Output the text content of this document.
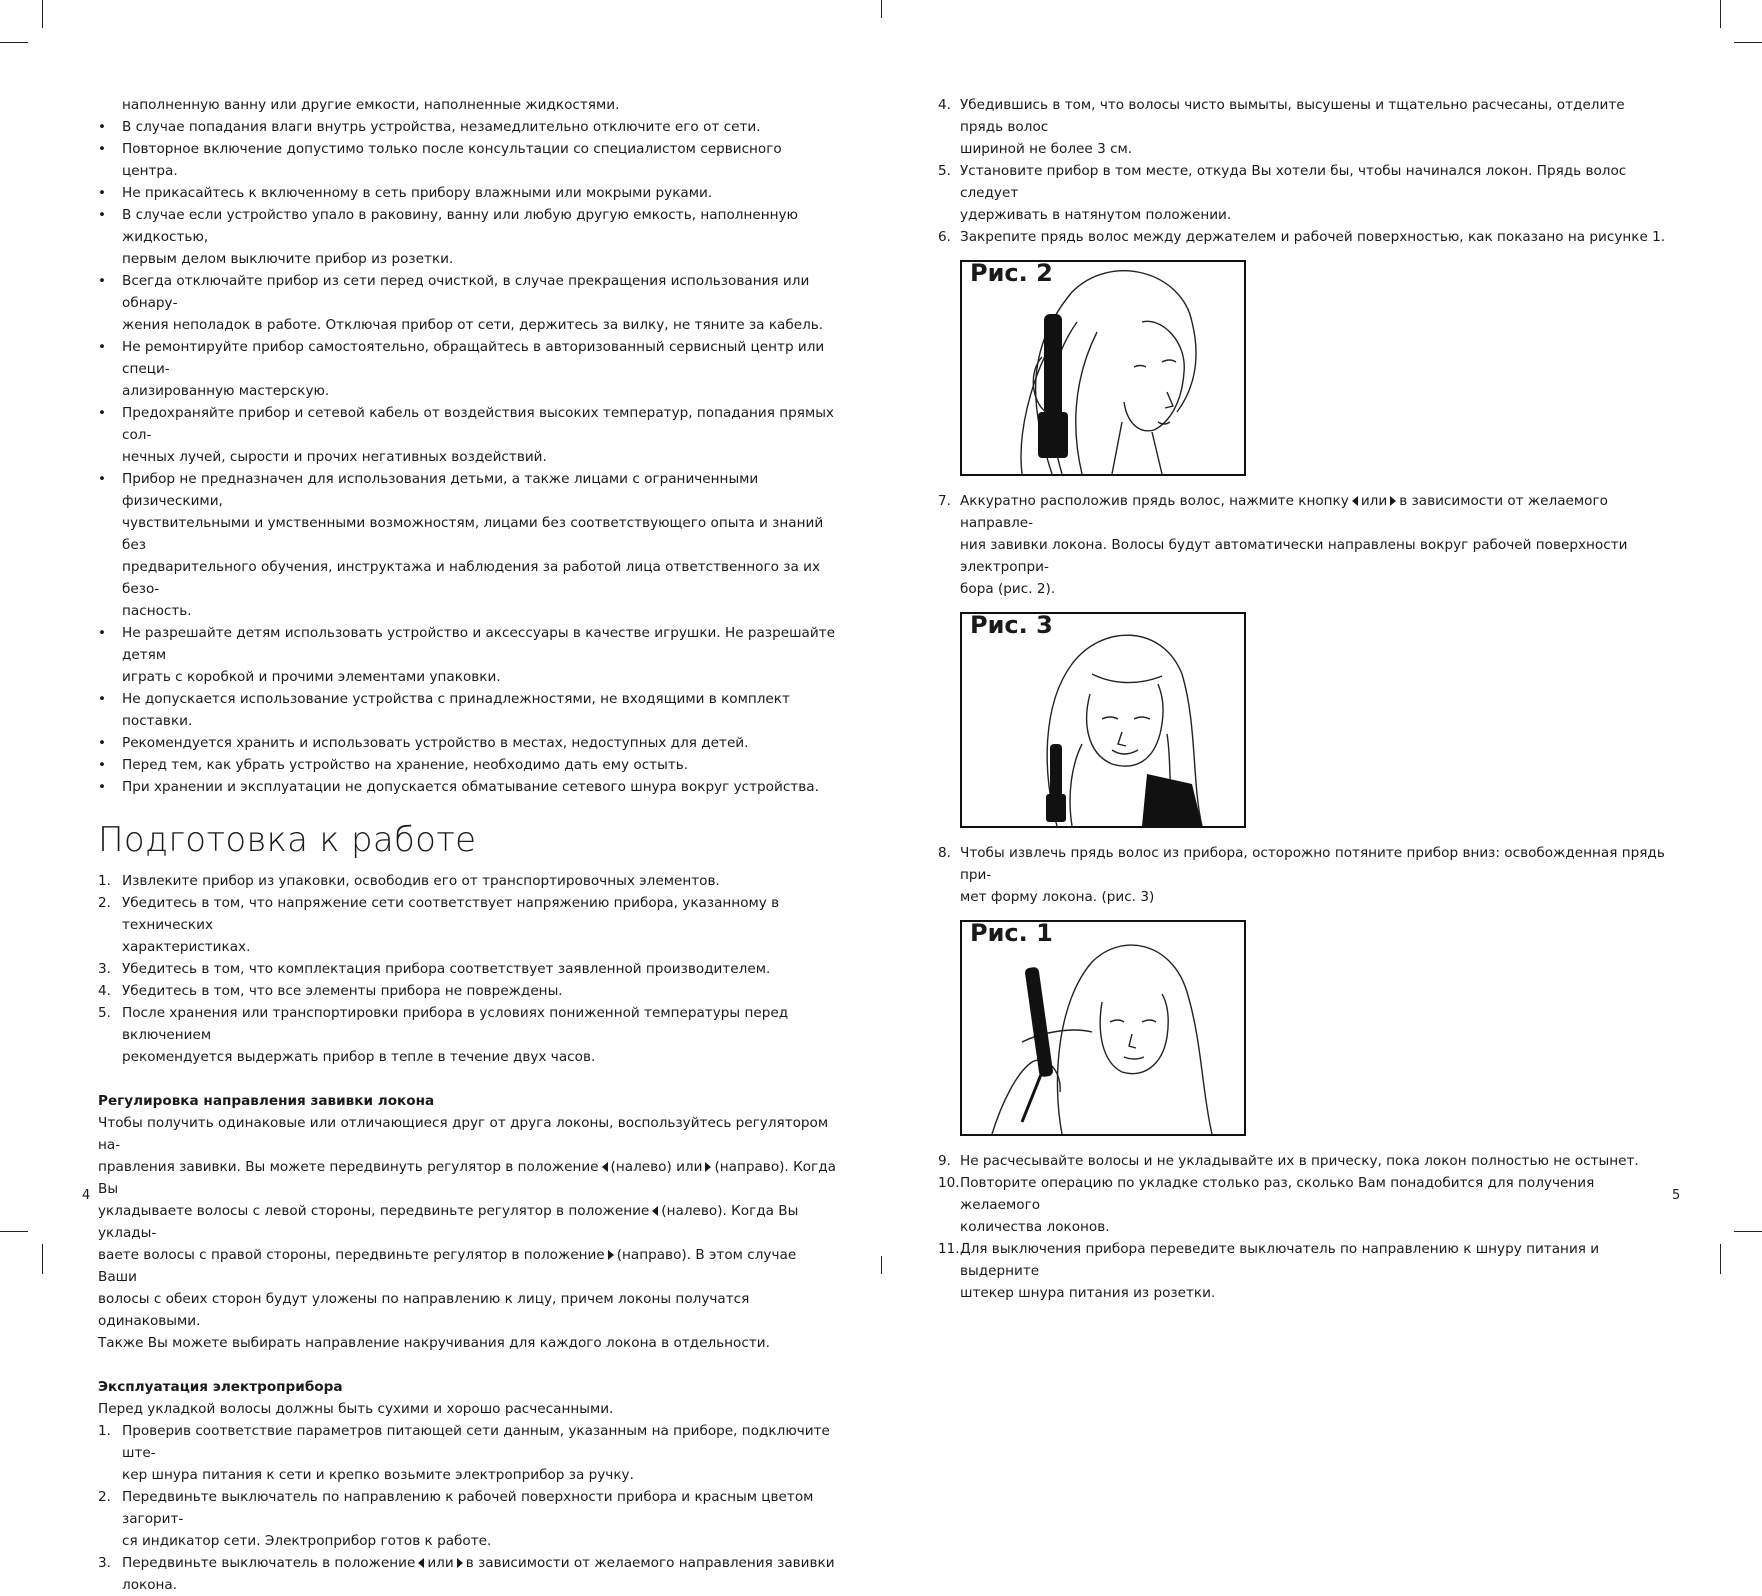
наполненную ванну или другие емкости, наполненные жидкостями.
• В случае попадания влаги внутрь устройства, незамедлительно отключите его от сети.
• Повторное включение допустимо только после консультации со специалистом сервисного центра.
• Не прикасайтесь к включенному в сеть прибору влажными или мокрыми руками.
• В случае если устройство упало в раковину, ванну или любую другую емкость, наполненную жидкостью,
первым делом выключите прибор из розетки.
• Всегда отключайте прибор из сети перед очисткой, в случае прекращения использования или обнару-
жения неполадок в работе. Отключая прибор от сети, держитесь за вилку, не тяните за кабель.
• Не ремонтируйте прибор самостоятельно, обращайтесь в авторизованный сервисный центр или специ-
ализированную мастерскую.
• Предохраняйте прибор и сетевой кабель от воздействия высоких температур, попадания прямых сол-
нечных лучей, сырости и прочих негативных воздействий.
• Прибор не предназначен для использования детьми, а также лицами с ограниченными физическими,
чувствительными и умственными возможностям, лицами без соответствующего опыта и знаний без
предварительного обучения, инструктажа и наблюдения за работой лица ответственного за их безо-
пасность.
• Не разрешайте детям использовать устройство и аксессуары в качестве игрушки. Не разрешайте детям
играть с коробкой и прочими элементами упаковки.
• Не допускается использование устройства с принадлежностями, не входящими в комплект поставки.
• Рекомендуется хранить и использовать устройство в местах, недоступных для детей.
• Перед тем, как убрать устройство на хранение, необходимо дать ему остыть.
• При хранении и эксплуатации не допускается обматывание сетевого шнура вокруг устройства.
Подготовка к работе
1. Извлеките прибор из упаковки, освободив его от транспортировочных элементов.
2. Убедитесь в том, что напряжение сети соответствует напряжению прибора, указанному в технических
характеристиках.
3. Убедитесь в том, что комплектация прибора соответствует заявленной производителем.
4. Убедитесь в том, что все элементы прибора не повреждены.
5. После хранения или транспортировки прибора в условиях пониженной температуры перед включением
рекомендуется выдержать прибор в тепле в течение двух часов.
Регулировка направления завивки локона
Чтобы получить одинаковые или отличающиеся друг от друга локоны, воспользуйтесь регулятором на-
правления завивки. Вы можете передвинуть регулятор в положение (налево) или (направо). Когда Вы
укладываете волосы с левой стороны, передвиньте регулятор в положение (налево). Когда Вы уклады-
ваете волосы с правой стороны, передвиньте регулятор в положение (направо). В этом случае Ваши
волосы с обеих сторон будут уложены по направлению к лицу, причем локоны получатся одинаковыми.
Также Вы можете выбирать направление накручивания для каждого локона в отдельности.
Эксплуатация электроприбора
Перед укладкой волосы должны быть сухими и хорошо расчесанными.
1. Проверив соответствие параметров питающей сети данным, указанным на приборе, подключите ште-
кер шнура питания к сети и крепко возьмите электроприбор за ручку.
2. Передвиньте выключатель по направлению к рабочей поверхности прибора и красным цветом загорит-
ся индикатор сети. Электроприбор готов к работе.
3. Передвиньте выключатель в положение или в зависимости от желаемого направления завивки
локона.
4
4. Убедившись в том, что волосы чисто вымыты, высушены и тщательно расчесаны, отделите прядь волос
шириной не более 3 см.
5. Установите прибор в том месте, откуда Вы хотели бы, чтобы начинался локон. Прядь волос следует
удерживать в натянутом положении.
6. Закрепите прядь волос между держателем и рабочей поверхностью, как показано на рисунке 1.
Рис. 2
7. Аккуратно расположив прядь волос, нажмите кнопку или в зависимости от желаемого направле-
ния завивки локона. Волосы будут автоматически направлены вокруг рабочей поверхности электропри-
бора (рис. 2).
Рис. 3
8. Чтобы извлечь прядь волос из прибора, осторожно потяните прибор вниз: освобожденная прядь при-
мет форму локона. (рис. 3)
Рис. 1
9. Не расчесывайте волосы и не укладывайте их в прическу, пока локон полностью не остынет.
10. Повторите операцию по укладке столько раз, сколько Вам понадобится для получения желаемого
количества локонов.
11. Для выключения прибора переведите выключатель по направлению к шнуру питания и выдерните
штекер шнура питания из розетки.
5
